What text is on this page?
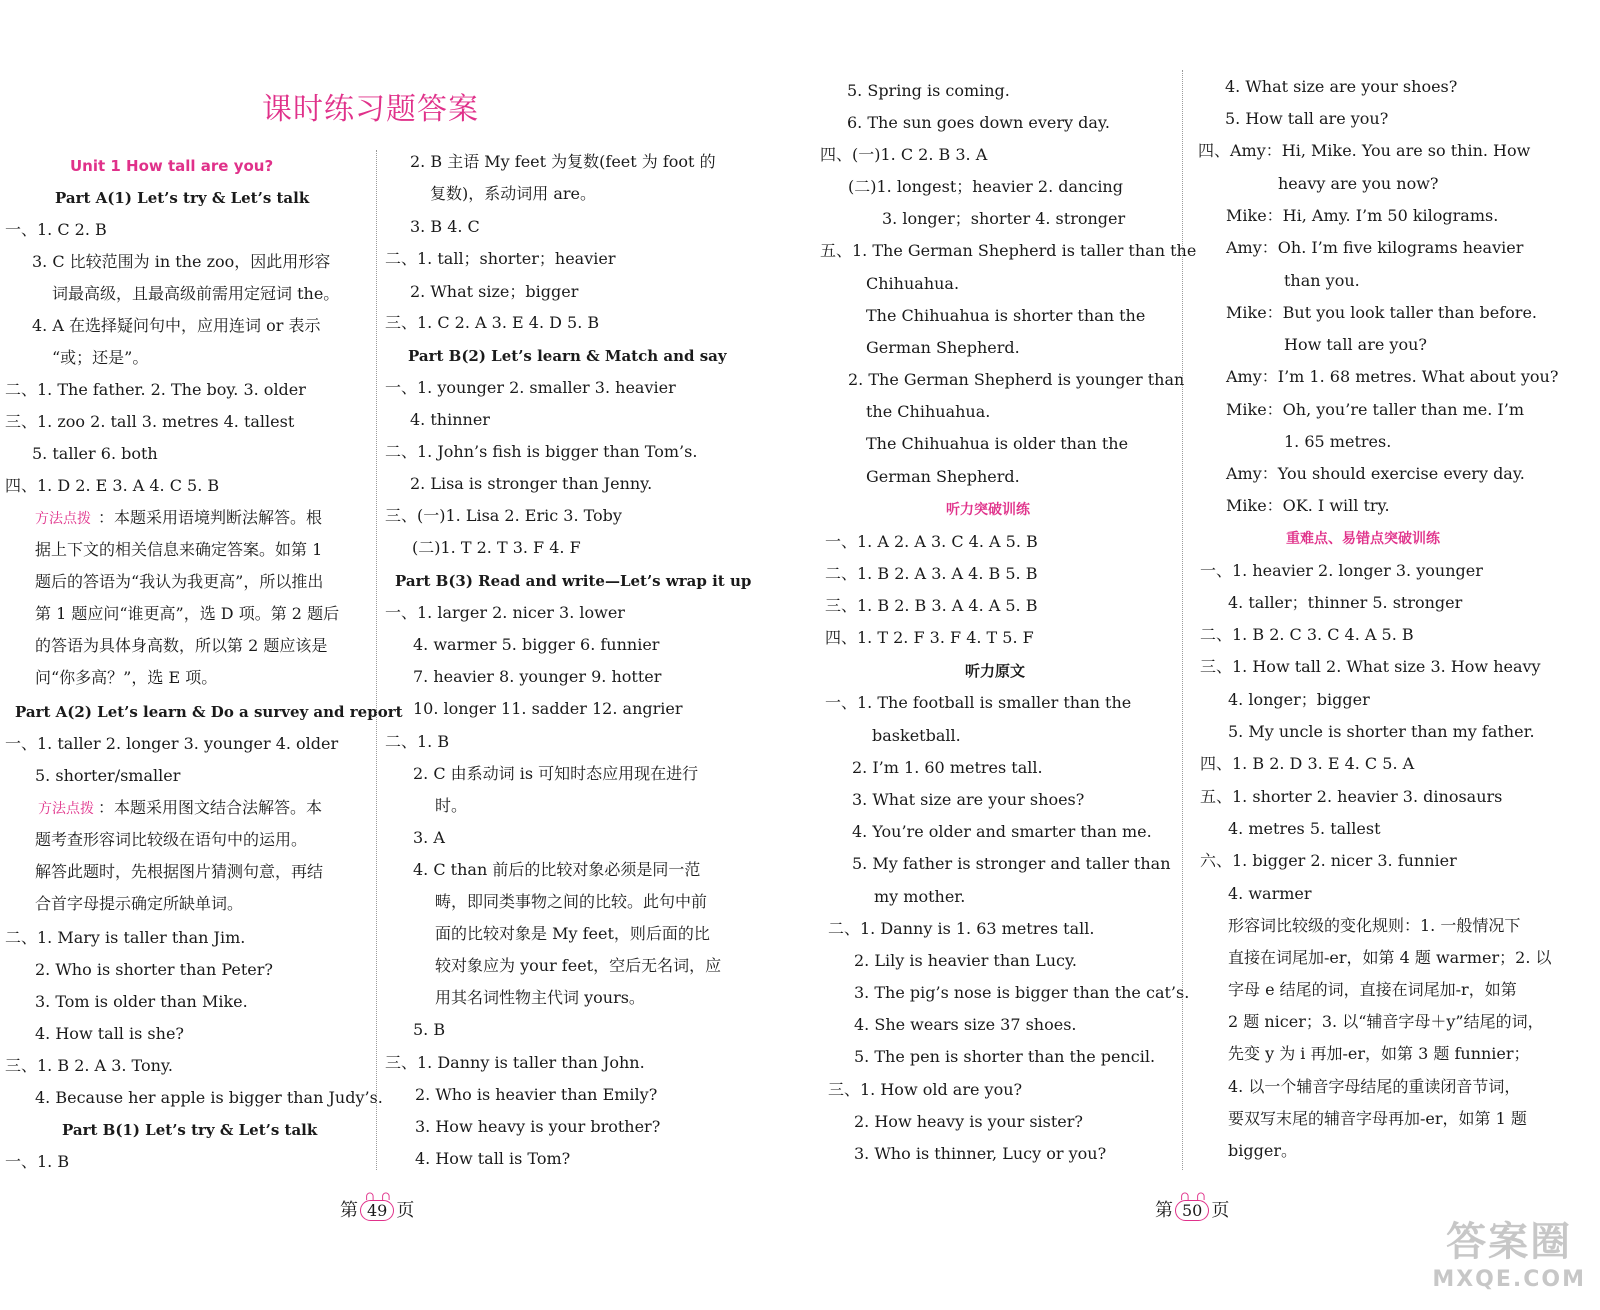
课时练习题答案
Unit 1 How tall are you?
Part A(1) Let’s try & Let’s talk
一、1. C 2. B
3. C 比较范围为 in the zoo，因此用形容
词最高级，且最高级前需用定冠词 the。
4. A 在选择疑问句中，应用连词 or 表示
“或；还是”。
二、1. The father. 2. The boy. 3. older
三、1. zoo 2. tall 3. metres 4. tallest
5. taller 6. both
四、1. D 2. E 3. A 4. C 5. B
方法点拨 ：本题采用语境判断法解答。根
据上下文的相关信息来确定答案。如第 1
题后的答语为“我认为我更高”，所以推出
第 1 题应问“谁更高”，选 D 项。第 2 题后
的答语为具体身高数，所以第 2 题应该是
问“你多高？”，选 E 项。
Part A(2) Let’s learn & Do a survey and report
一、1. taller 2. longer 3. younger 4. older
5. shorter/smaller
方法点拨 ：本题采用图文结合法解答。本
题考查形容词比较级在语句中的运用。
解答此题时，先根据图片猜测句意，再结
合首字母提示确定所缺单词。
二、1. Mary is taller than Jim.
2. Who is shorter than Peter?
3. Tom is older than Mike.
4. How tall is she?
三、1. B 2. A 3. Tony.
4. Because her apple is bigger than Judy’s.
Part B(1) Let’s try & Let’s talk
一、1. B
2. B 主语 My feet 为复数(feet 为 foot 的
复数)，系动词用 are。
3. B 4. C
二、1. tall；shorter；heavier
2. What size；bigger
三、1. C 2. A 3. E 4. D 5. B
Part B(2) Let’s learn & Match and say
一、1. younger 2. smaller 3. heavier
4. thinner
二、1. John’s fish is bigger than Tom’s.
2. Lisa is stronger than Jenny.
三、(一)1. Lisa 2. Eric 3. Toby
(二)1. T 2. T 3. F 4. F
Part B(3) Read and write—Let’s wrap it up
一、1. larger 2. nicer 3. lower
4. warmer 5. bigger 6. funnier
7. heavier 8. younger 9. hotter
10. longer 11. sadder 12. angrier
二、1. B
2. C 由系动词 is 可知时态应用现在进行
时。
3. A
4. C than 前后的比较对象必须是同一范
畴，即同类事物之间的比较。此句中前
面的比较对象是 My feet，则后面的比
较对象应为 your feet，空后无名词，应
用其名词性物主代词 yours。
5. B
三、1. Danny is taller than John.
2. Who is heavier than Emily?
3. How heavy is your brother?
4. How tall is Tom?
第
∩∩
49 页
5. Spring is coming.
6. The sun goes down every day.
四、(一)1. C 2. B 3. A
(二)1. longest；heavier 2. dancing
3. longer；shorter 4. stronger
五、1. The German Shepherd is taller than the
Chihuahua.
The Chihuahua is shorter than the
German Shepherd.
2. The German Shepherd is younger than
the Chihuahua.
The Chihuahua is older than the
German Shepherd.
听力突破训练
一、1. A 2. A 3. C 4. A 5. B
二、1. B 2. A 3. A 4. B 5. B
三、1. B 2. B 3. A 4. A 5. B
四、1. T 2. F 3. F 4. T 5. F
听力原文
一、1. The football is smaller than the
basketball.
2. I’m 1. 60 metres tall.
3. What size are your shoes?
4. You’re older and smarter than me.
5. My father is stronger and taller than
my mother.
二、1. Danny is 1. 63 metres tall.
2. Lily is heavier than Lucy.
3. The pig’s nose is bigger than the cat’s.
4. She wears size 37 shoes.
5. The pen is shorter than the pencil.
三、1. How old are you?
2. How heavy is your sister?
3. Who is thinner, Lucy or you?
4. What size are your shoes?
5. How tall are you?
四、Amy：Hi, Mike. You are so thin. How
heavy are you now?
Mike：Hi, Amy. I’m 50 kilograms.
Amy：Oh. I’m five kilograms heavier
than you.
Mike：But you look taller than before.
How tall are you?
Amy：I’m 1. 68 metres. What about you?
Mike：Oh, you’re taller than me. I’m
1. 65 metres.
Amy：You should exercise every day.
Mike：OK. I will try.
重难点、易错点突破训练
一、1. heavier 2. longer 3. younger
4. taller；thinner 5. stronger
二、1. B 2. C 3. C 4. A 5. B
三、1. How tall 2. What size 3. How heavy
4. longer；bigger
5. My uncle is shorter than my father.
四、1. B 2. D 3. E 4. C 5. A
五、1. shorter 2. heavier 3. dinosaurs
4. metres 5. tallest
六、1. bigger 2. nicer 3. funnier
4. warmer
形容词比较级的变化规则：1. 一般情况下
直接在词尾加-er，如第 4 题 warmer；2. 以
字母 e 结尾的词，直接在词尾加-r，如第
2 题 nicer；3. 以“辅音字母＋y”结尾的词，
先变 y 为 i 再加-er，如第 3 题 funnier；
4. 以一个辅音字母结尾的重读闭音节词，
要双写末尾的辅音字母再加-er，如第 1 题
bigger。
第
∩∩
50 页
答案圈
MXQE.COM
